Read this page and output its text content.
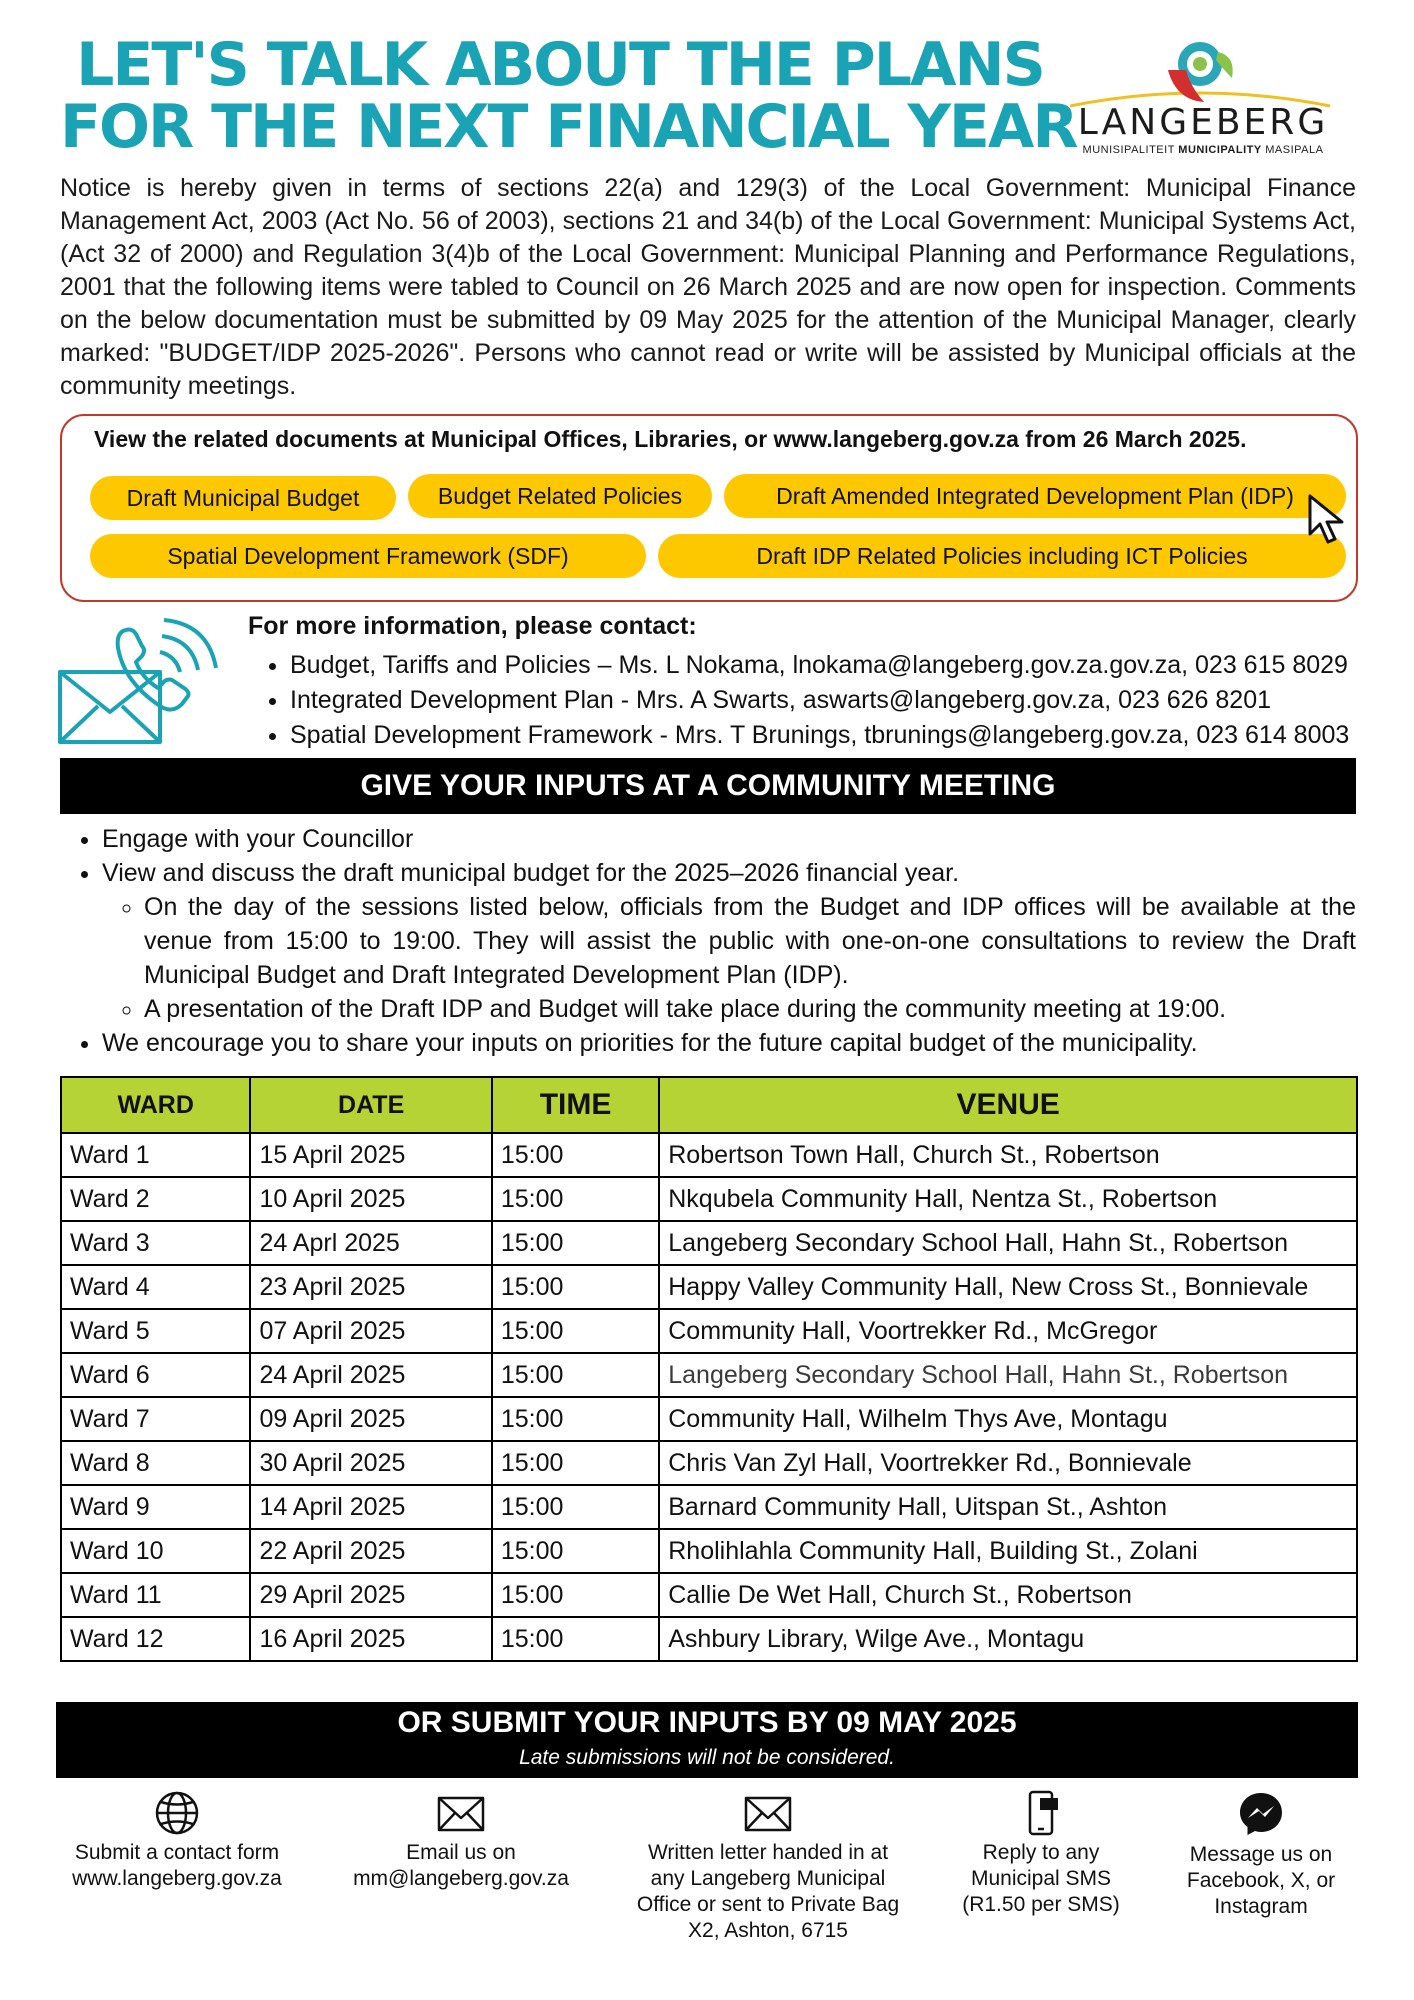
LET'S TALK ABOUT THE PLANS
FOR THE NEXT FINANCIAL YEAR LANGEBERG
MUNISIPALITEIT MUNICIPALITY MASIPALA
Notice is hereby given in terms of sections 22(a) and 129(3) of the Local Government: Municipal Finance Management Act, 2003 (Act No. 56 of 2003), sections 21 and 34(b) of the Local Government: Municipal Systems Act, (Act 32 of 2000) and Regulation 3(4)b of the Local Government: Municipal Planning and Performance Regulations, 2001 that the following items were tabled to Council on 26 March 2025 and are now open for inspection. Comments on the below documentation must be submitted by 09 May 2025 for the attention of the Municipal Manager, clearly marked: "BUDGET/IDP 2025-2026". Persons who cannot read or write will be assisted by Municipal officials at the community meetings.
View the related documents at Municipal Offices, Libraries, or www.langeberg.gov.za from 26 March 2025.
Draft Municipal Budget	Budget Related Policies	Draft Amended Integrated Development Plan (IDP)
Spatial Development Framework (SDF)	Draft IDP Related Policies including ICT Policies
For more information, please contact:
• Budget, Tariffs and Policies – Ms. L Nokama, lnokama@langeberg.gov.za.gov.za, 023 615 8029
• Integrated Development Plan - Mrs. A Swarts, aswarts@langeberg.gov.za, 023 626 8201
• Spatial Development Framework - Mrs. T Brunings, tbrunings@langeberg.gov.za, 023 614 8003
GIVE YOUR INPUTS AT A COMMUNITY MEETING
• Engage with your Councillor
• View and discuss the draft municipal budget for the 2025–2026 financial year.
◦ On the day of the sessions listed below, officials from the Budget and IDP offices will be available at the venue from 15:00 to 19:00. They will assist the public with one-on-one consultations to review the Draft Municipal Budget and Draft Integrated Development Plan (IDP).
◦ A presentation of the Draft IDP and Budget will take place during the community meeting at 19:00.
• We encourage you to share your inputs on priorities for the future capital budget of the municipality.
WARD	DATE	TIME	VENUE
Ward 1	15 April 2025	15:00	Robertson Town Hall, Church St., Robertson
Ward 2	10 April 2025	15:00	Nkqubela Community Hall, Nentza St., Robertson
Ward 3	24 Aprl 2025	15:00	Langeberg Secondary School Hall, Hahn St., Robertson
Ward 4	23 April 2025	15:00	Happy Valley Community Hall, New Cross St., Bonnievale
Ward 5	07 April 2025	15:00	Community Hall, Voortrekker Rd., McGregor
Ward 6	24 April 2025	15:00	Langeberg Secondary School Hall, Hahn St., Robertson
Ward 7	09 April 2025	15:00	Community Hall, Wilhelm Thys Ave, Montagu
Ward 8	30 April 2025	15:00	Chris Van Zyl Hall, Voortrekker Rd., Bonnievale
Ward 9	14 April 2025	15:00	Barnard Community Hall, Uitspan St., Ashton
Ward 10	22 April 2025	15:00	Rholihlahla Community Hall, Building St., Zolani
Ward 11	29 April 2025	15:00	Callie De Wet Hall, Church St., Robertson
Ward 12	16 April 2025	15:00	Ashbury Library, Wilge Ave., Montagu
OR SUBMIT YOUR INPUTS BY 09 MAY 2025
Late submissions will not be considered.
Submit a contact form
www.langeberg.gov.za
Email us on
mm@langeberg.gov.za
Written letter handed in at
any Langeberg Municipal
Office or sent to Private Bag
X2, Ashton, 6715
Reply to any
Municipal SMS
(R1.50 per SMS)
Message us on
Facebook, X, or
Instagram
